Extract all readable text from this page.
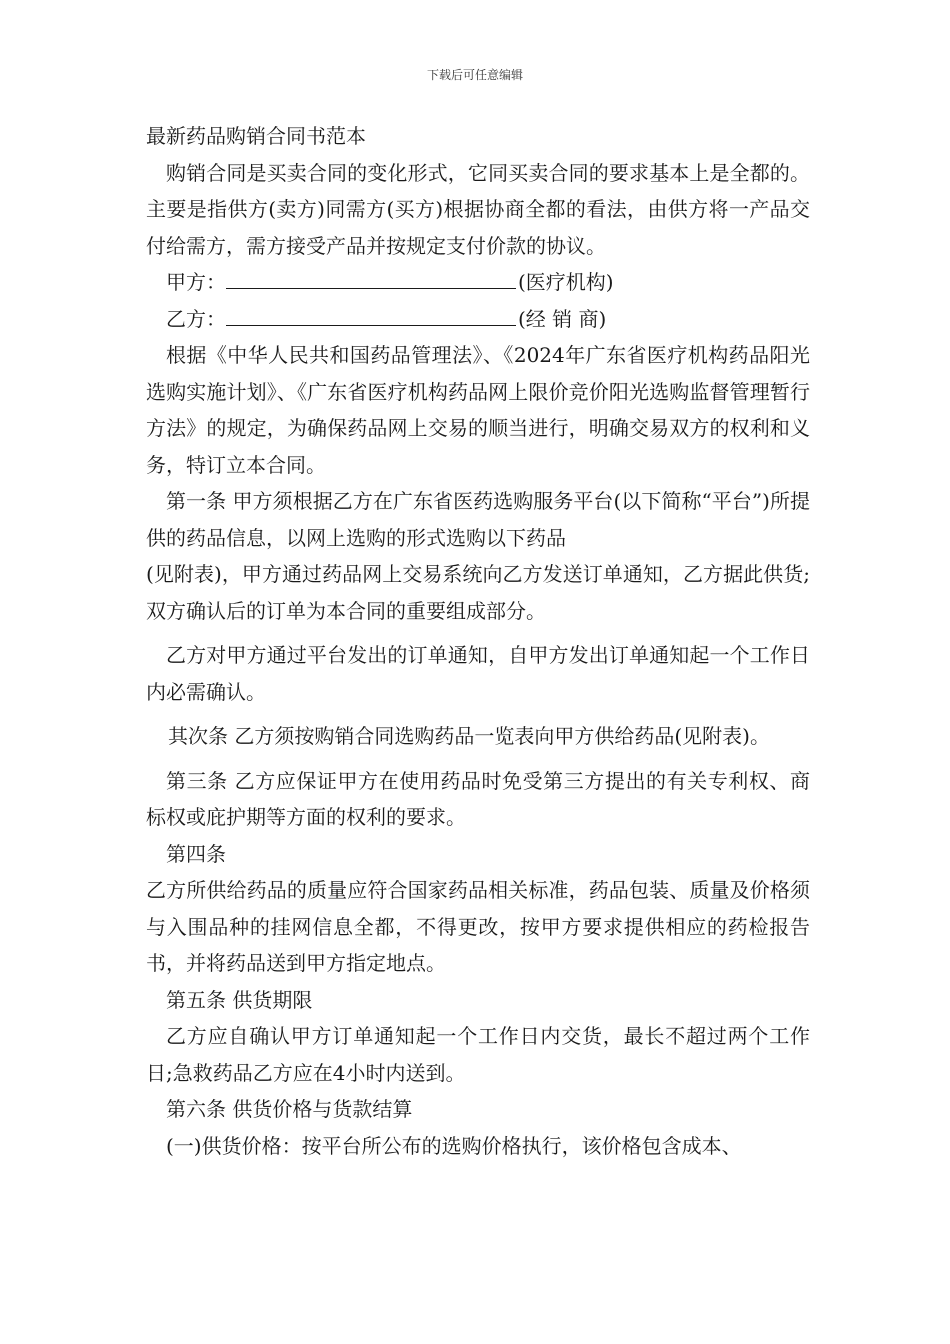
下载后可任意编辑

最新药品购销合同书范本

购销合同是买卖合同的变化形式，它同买卖合同的要求基本上是全都的。主要是指供方(卖方)同需方(买方)根据协商全都的看法，由供方将一产品交付给需方，需方接受产品并按规定支付价款的协议。

甲方：	(医疗机构)

乙方：	(经 销 商)

根据《中华人民共和国药品管理法》、《2024年广东省医疗机构药品阳光选购实施计划》、《广东省医疗机构药品网上限价竞价阳光选购监督管理暂行方法》的规定，为确保药品网上交易的顺当进行，明确交易双方的权利和义务，特订立本合同。

第一条 甲方须根据乙方在广东省医药选购服务平台(以下简称“平台”)所提供的药品信息，以网上选购的形式选购以下药品

(见附表)，甲方通过药品网上交易系统向乙方发送订单通知，乙方据此供货;双方确认后的订单为本合同的重要组成部分。

乙方对甲方通过平台发出的订单通知，自甲方发出订单通知起一个工作日内必需确认。

其次条 乙方须按购销合同选购药品一览表向甲方供给药品(见附表)。

第三条 乙方应保证甲方在使用药品时免受第三方提出的有关专利权、商标权或庇护期等方面的权利的要求。

第四条

乙方所供给药品的质量应符合国家药品相关标准，药品包装、质量及价格须与入围品种的挂网信息全都，不得更改，按甲方要求提供相应的药检报告书，并将药品送到甲方指定地点。

第五条 供货期限

乙方应自确认甲方订单通知起一个工作日内交货，最长不超过两个工作日;急救药品乙方应在4小时内送到。

第六条 供货价格与货款结算

(一)供货价格：按平台所公布的选购价格执行，该价格包含成本、
